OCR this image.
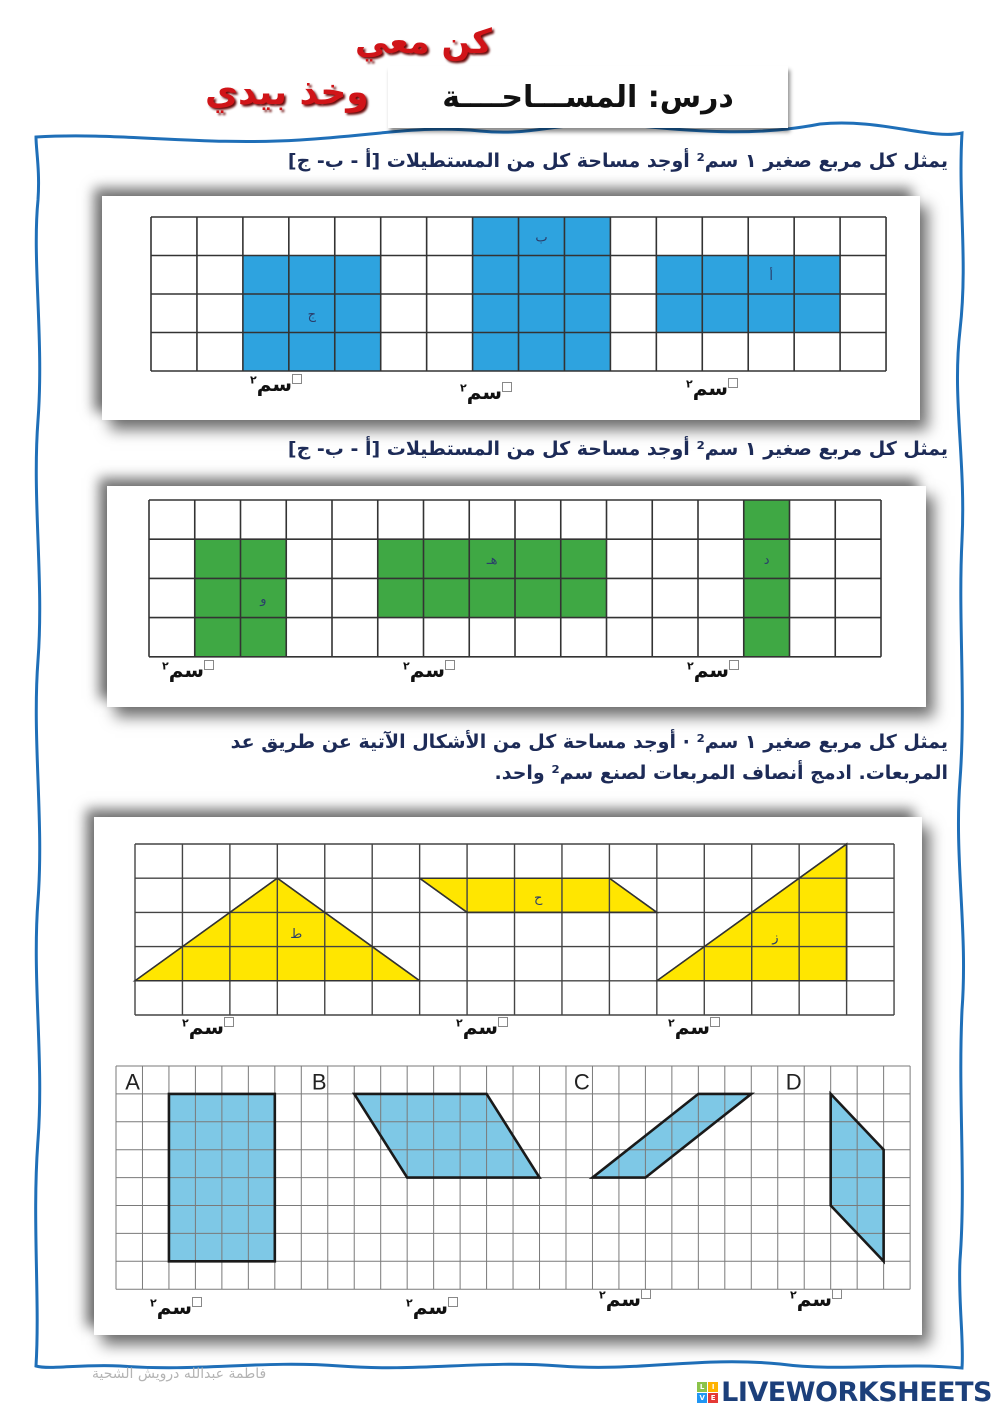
كن معي
وخذ بيدي درس: المســـاحــــة
يمثل كل مربع صغير ١ سم² أوجد مساحة كل من المستطيلات [أ - ب- ج]
ج
ب
أ
سم$^٢$
سم$^٢$	سم$^٢$
يمثل كل مربع صغير ١ سم² أوجد مساحة كل من المستطيلات [أ - ب- ج]
و
هـ	د
سم$^٢$	سم$^٢$	سم$^٢$
يمثل كل مربع صغير ١ سم² · أوجد مساحة كل من الأشكال الآتية عن طريق عد
المربعات. ادمج أنصاف المربعات لصنع سم² واحد.
ط
ح
ز
A	B	C	D
سم$^٢$	سم$^٢$	سم$^٢$
سم$^٢$	سم$^٢$	سم$^٢$	سم$^٢$
فاطمة عبدالله درويش الشحية
L	I
V E LIVEWORKSHEETS
